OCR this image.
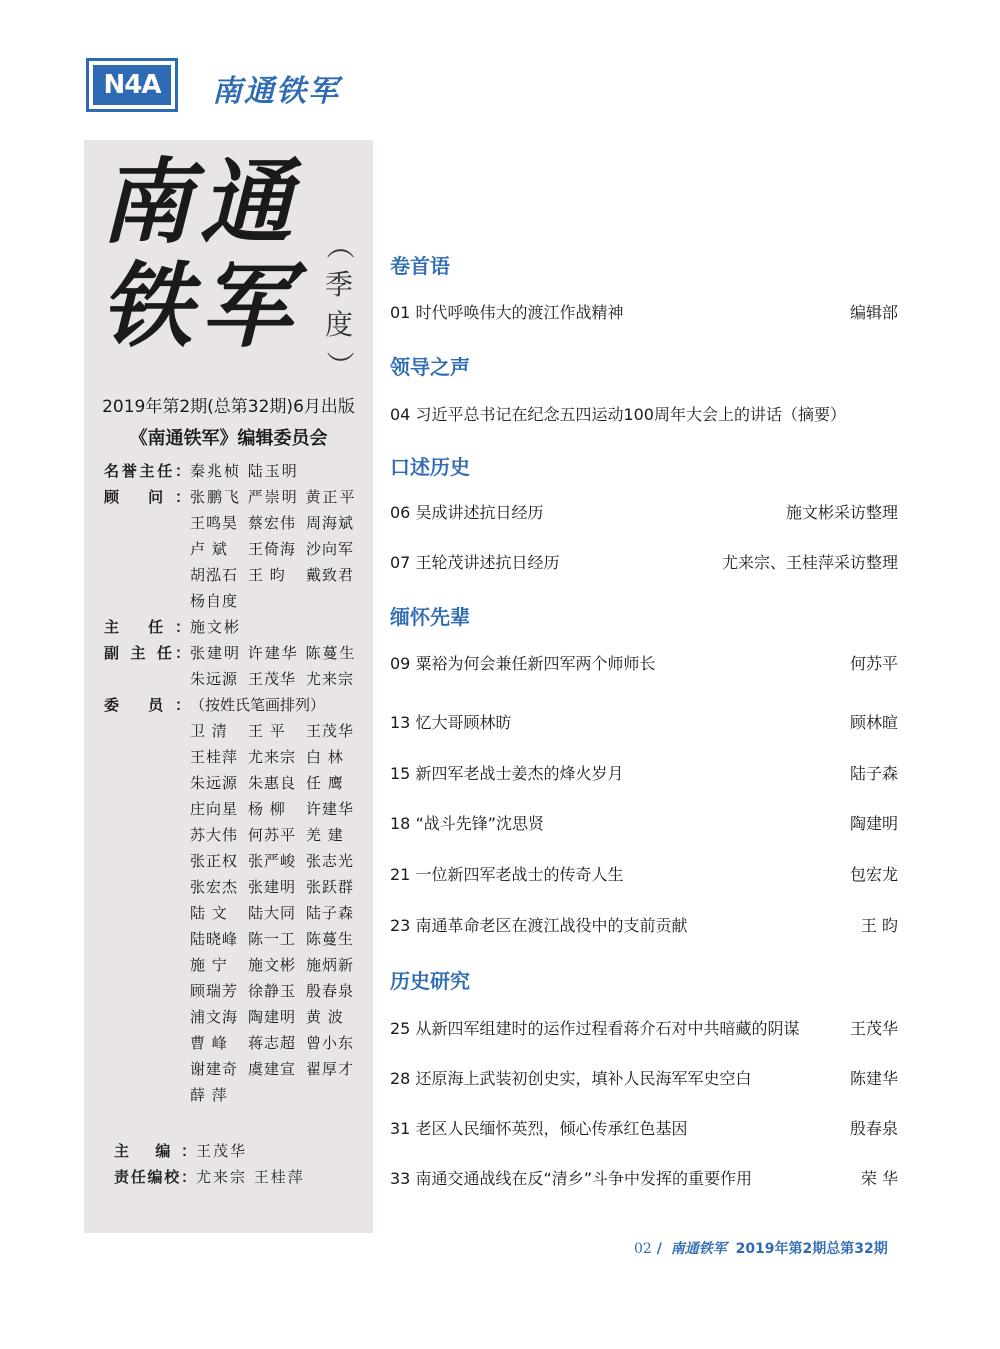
N4A	南通铁军
南通
铁军
（
季
度
）
2019年第2期(总第32期)6月出版
《南通铁军》编辑委员会
名誉主任： 秦兆桢 陆玉明
顾 问： 张鹏飞 严崇明 黄正平
王鸣昊 蔡宏伟 周海斌
卢 斌	王倚海 沙向军
胡泓石 王 昀	戴致君
杨自度
主 任： 施文彬
副 主 任： 张建明 许建华 陈蔓生
朱远源 王茂华 尤来宗
委 员： （按姓氏笔画排列）
卫 清	王 平	王茂华
王桂萍 尤来宗 白 林
朱远源 朱惠良 任 鹰
庄向星 杨 柳	许建华
苏大伟 何苏平 羌 建
张正权 张严峻 张志光
张宏杰 张建明 张跃群
陆 文	陆大同 陆子森
陆晓峰 陈一工 陈蔓生
施 宁	施文彬 施炳新
顾瑞芳 徐静玉 殷春泉
浦文海 陶建明 黄 波
曹 峰	蒋志超 曾小东
谢建奇 虞建宣 翟厚才
薛 萍
主 编： 王茂华
责任编校： 尤来宗 王桂萍
卷首语
01 时代呼唤伟大的渡江作战精神	编辑部
领导之声
04 习近平总书记在纪念五四运动100周年大会上的讲话（摘要）
口述历史
06 吴成讲述抗日经历	施文彬采访整理
07 王轮茂讲述抗日经历	尤来宗、王桂萍采访整理
缅怀先辈
09 粟裕为何会兼任新四军两个师师长	何苏平
13 忆大哥顾林昉	顾林暄
15 新四军老战士姜杰的烽火岁月	陆子森
18 “战斗先锋”沈思贤	陶建明
21 一位新四军老战士的传奇人生	包宏龙
23 南通革命老区在渡江战役中的支前贡献	王 昀
历史研究
25 从新四军组建时的运作过程看蒋介石对中共暗藏的阴谋	王茂华
28 还原海上武装初创史实，填补人民海军军史空白	陈建华
31 老区人民缅怀英烈，倾心传承红色基因	殷春泉
33 南通交通战线在反“清乡”斗争中发挥的重要作用	荣 华
02 / 南通铁军 2019年第2期总第32期
